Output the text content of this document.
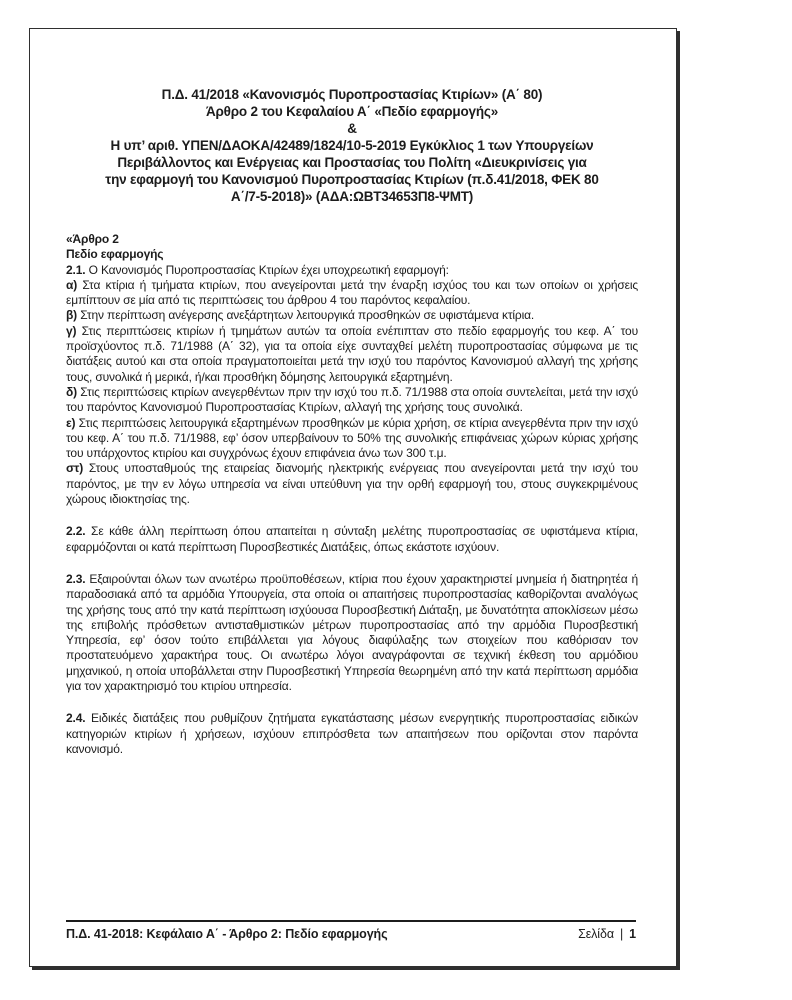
Π.Δ. 41/2018 «Κανονισμός Πυροπροστασίας Κτιρίων» (Α΄ 80)
Άρθρο 2 του Κεφαλαίου Α΄ «Πεδίο εφαρμογής»
&
Η υπ’ αριθ. ΥΠΕΝ/ΔΑΟΚΑ/42489/1824/10-5-2019 Εγκύκλιος 1 των Υπουργείων
Περιβάλλοντος και Ενέργειας και Προστασίας του Πολίτη «Διευκρινίσεις για
την εφαρμογή του Κανονισμού Πυροπροστασίας Κτιρίων (π.δ.41/2018, ΦΕΚ 80
Α΄/7-5-2018)» (ΑΔΑ:ΩΒΤ34653Π8-ΨΜΤ)

«Άρθρο 2

Πεδίο εφαρμογής

2.1. Ο Κανονισμός Πυροπροστασίας Κτιρίων έχει υποχρεωτική εφαρμογή:

α) Στα κτίρια ή τμήματα κτιρίων, που ανεγείρονται μετά την έναρξη ισχύος του και των οποίων οι χρήσεις εμπίπτουν σε μία από τις περιπτώσεις του άρθρου 4 του παρόντος κεφαλαίου.

β) Στην περίπτωση ανέγερσης ανεξάρτητων λειτουργικά προσθηκών σε υφιστάμενα κτίρια.

γ) Στις περιπτώσεις κτιρίων ή τμημάτων αυτών τα οποία ενέπιπταν στο πεδίο εφαρμογής του κεφ. Α΄ του προϊσχύοντος π.δ. 71/1988 (Α΄ 32), για τα οποία είχε συνταχθεί μελέτη πυροπροστασίας σύμφωνα με τις διατάξεις αυτού και στα οποία πραγματοποιείται μετά την ισχύ του παρόντος Κανονισμού αλλαγή της χρήσης τους, συνολικά ή μερικά, ή/και προσθήκη δόμησης λειτουργικά εξαρτημένη.

δ) Στις περιπτώσεις κτιρίων ανεγερθέντων πριν την ισχύ του π.δ. 71/1988 στα οποία συντελείται, μετά την ισχύ του παρόντος Κανονισμού Πυροπροστασίας Κτιρίων, αλλαγή της χρήσης τους συνολικά.

ε) Στις περιπτώσεις λειτουργικά εξαρτημένων προσθηκών με κύρια χρήση, σε κτίρια ανεγερθέντα πριν την ισχύ του κεφ. Α΄ του π.δ. 71/1988, εφ’ όσον υπερβαίνουν το 50% της συνολικής επιφάνειας χώρων κύριας χρήσης του υπάρχοντος κτιρίου και συγχρόνως έχουν επιφάνεια άνω των 300 τ.μ.

στ) Στους υποσταθμούς της εταιρείας διανομής ηλεκτρικής ενέργειας που ανεγείρονται μετά την ισχύ του παρόντος, με την εν λόγω υπηρεσία να είναι υπεύθυνη για την ορθή εφαρμογή του, στους συγκεκριμένους χώρους ιδιοκτησίας της.

2.2. Σε κάθε άλλη περίπτωση όπου απαιτείται η σύνταξη μελέτης πυροπροστασίας σε υφιστάμενα κτίρια, εφαρμόζονται οι κατά περίπτωση Πυροσβεστικές Διατάξεις, όπως εκάστοτε ισχύουν.

2.3. Εξαιρούνται όλων των ανωτέρω προϋποθέσεων, κτίρια που έχουν χαρακτηριστεί μνημεία ή διατηρητέα ή παραδοσιακά από τα αρμόδια Υπουργεία, στα οποία οι απαιτήσεις πυροπροστασίας καθορίζονται αναλόγως της χρήσης τους από την κατά περίπτωση ισχύουσα Πυροσβεστική Διάταξη, με δυνατότητα αποκλίσεων μέσω της επιβολής πρόσθετων αντισταθμιστικών μέτρων πυροπροστασίας από την αρμόδια Πυροσβεστική Υπηρεσία, εφ’ όσον τούτο επιβάλλεται για λόγους διαφύλαξης των στοιχείων που καθόρισαν τον προστατευόμενο χαρακτήρα τους. Οι ανωτέρω λόγοι αναγράφονται σε τεχνική έκθεση του αρμόδιου μηχανικού, η οποία υποβάλλεται στην Πυροσβεστική Υπηρεσία θεωρημένη από την κατά περίπτωση αρμόδια για τον χαρακτηρισμό του κτιρίου υπηρεσία.

2.4. Ειδικές διατάξεις που ρυθμίζουν ζητήματα εγκατάστασης μέσων ενεργητικής πυροπροστασίας ειδικών κατηγοριών κτιρίων ή χρήσεων, ισχύουν επιπρόσθετα των απαιτήσεων που ορίζονται στον παρόντα κανονισμό.

Π.Δ. 41-2018: Κεφάλαιο Α΄ - Άρθρο 2: Πεδίο εφαρμογής	Σελίδα | 1
